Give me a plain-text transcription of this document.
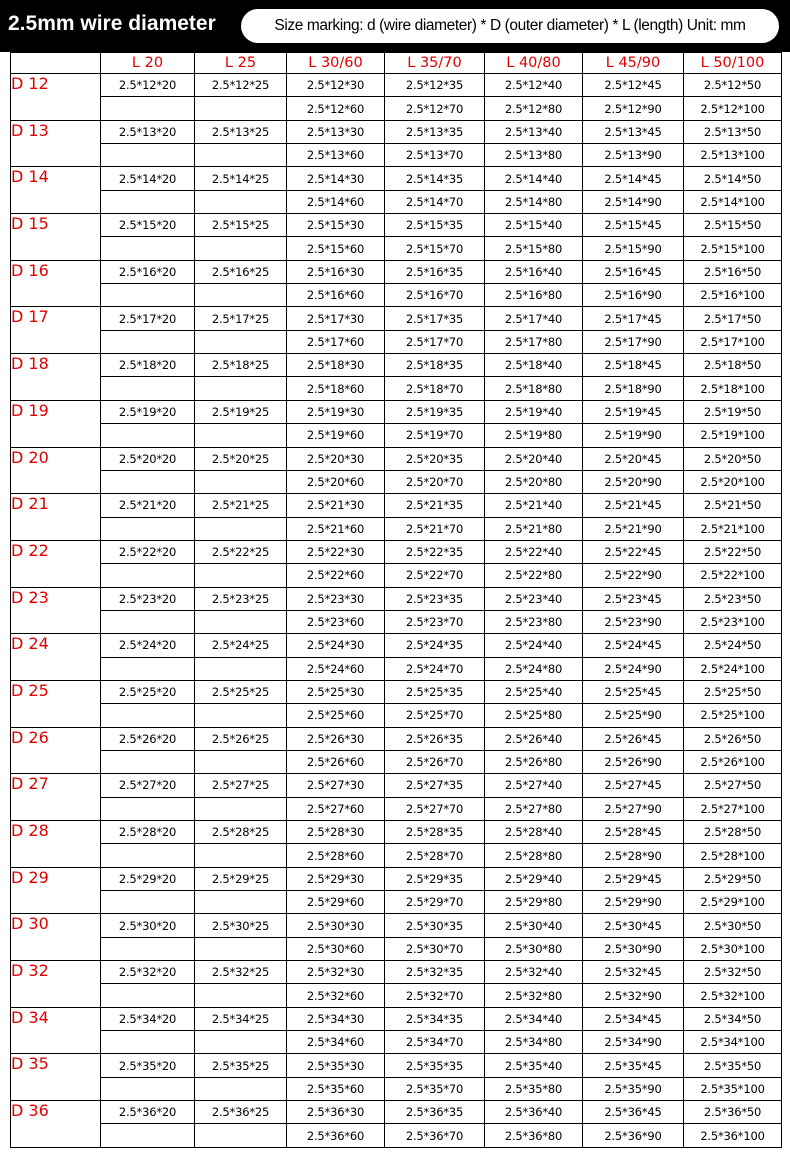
2.5mm wire diameter	Size marking: d (wire diameter) * D (outer diameter) * L (length) Unit: mm
	L 20	L 25	L 30/60	L 35/70	L 40/80	L 45/90	L 50/100
D 12	2.5*12*20	2.5*12*25	2.5*12*30	2.5*12*35	2.5*12*40	2.5*12*45	2.5*12*50
			2.5*12*60	2.5*12*70	2.5*12*80	2.5*12*90	2.5*12*100
D 13	2.5*13*20	2.5*13*25	2.5*13*30	2.5*13*35	2.5*13*40	2.5*13*45	2.5*13*50
			2.5*13*60	2.5*13*70	2.5*13*80	2.5*13*90	2.5*13*100
D 14	2.5*14*20	2.5*14*25	2.5*14*30	2.5*14*35	2.5*14*40	2.5*14*45	2.5*14*50
			2.5*14*60	2.5*14*70	2.5*14*80	2.5*14*90	2.5*14*100
D 15	2.5*15*20	2.5*15*25	2.5*15*30	2.5*15*35	2.5*15*40	2.5*15*45	2.5*15*50
			2.5*15*60	2.5*15*70	2.5*15*80	2.5*15*90	2.5*15*100
D 16	2.5*16*20	2.5*16*25	2.5*16*30	2.5*16*35	2.5*16*40	2.5*16*45	2.5*16*50
			2.5*16*60	2.5*16*70	2.5*16*80	2.5*16*90	2.5*16*100
D 17	2.5*17*20	2.5*17*25	2.5*17*30	2.5*17*35	2.5*17*40	2.5*17*45	2.5*17*50
			2.5*17*60	2.5*17*70	2.5*17*80	2.5*17*90	2.5*17*100
D 18	2.5*18*20	2.5*18*25	2.5*18*30	2.5*18*35	2.5*18*40	2.5*18*45	2.5*18*50
			2.5*18*60	2.5*18*70	2.5*18*80	2.5*18*90	2.5*18*100
D 19	2.5*19*20	2.5*19*25	2.5*19*30	2.5*19*35	2.5*19*40	2.5*19*45	2.5*19*50
			2.5*19*60	2.5*19*70	2.5*19*80	2.5*19*90	2.5*19*100
D 20	2.5*20*20	2.5*20*25	2.5*20*30	2.5*20*35	2.5*20*40	2.5*20*45	2.5*20*50
			2.5*20*60	2.5*20*70	2.5*20*80	2.5*20*90	2.5*20*100
D 21	2.5*21*20	2.5*21*25	2.5*21*30	2.5*21*35	2.5*21*40	2.5*21*45	2.5*21*50
			2.5*21*60	2.5*21*70	2.5*21*80	2.5*21*90	2.5*21*100
D 22	2.5*22*20	2.5*22*25	2.5*22*30	2.5*22*35	2.5*22*40	2.5*22*45	2.5*22*50
			2.5*22*60	2.5*22*70	2.5*22*80	2.5*22*90	2.5*22*100
D 23	2.5*23*20	2.5*23*25	2.5*23*30	2.5*23*35	2.5*23*40	2.5*23*45	2.5*23*50
			2.5*23*60	2.5*23*70	2.5*23*80	2.5*23*90	2.5*23*100
D 24	2.5*24*20	2.5*24*25	2.5*24*30	2.5*24*35	2.5*24*40	2.5*24*45	2.5*24*50
			2.5*24*60	2.5*24*70	2.5*24*80	2.5*24*90	2.5*24*100
D 25	2.5*25*20	2.5*25*25	2.5*25*30	2.5*25*35	2.5*25*40	2.5*25*45	2.5*25*50
			2.5*25*60	2.5*25*70	2.5*25*80	2.5*25*90	2.5*25*100
D 26	2.5*26*20	2.5*26*25	2.5*26*30	2.5*26*35	2.5*26*40	2.5*26*45	2.5*26*50
			2.5*26*60	2.5*26*70	2.5*26*80	2.5*26*90	2.5*26*100
D 27	2.5*27*20	2.5*27*25	2.5*27*30	2.5*27*35	2.5*27*40	2.5*27*45	2.5*27*50
			2.5*27*60	2.5*27*70	2.5*27*80	2.5*27*90	2.5*27*100
D 28	2.5*28*20	2.5*28*25	2.5*28*30	2.5*28*35	2.5*28*40	2.5*28*45	2.5*28*50
			2.5*28*60	2.5*28*70	2.5*28*80	2.5*28*90	2.5*28*100
D 29	2.5*29*20	2.5*29*25	2.5*29*30	2.5*29*35	2.5*29*40	2.5*29*45	2.5*29*50
			2.5*29*60	2.5*29*70	2.5*29*80	2.5*29*90	2.5*29*100
D 30	2.5*30*20	2.5*30*25	2.5*30*30	2.5*30*35	2.5*30*40	2.5*30*45	2.5*30*50
			2.5*30*60	2.5*30*70	2.5*30*80	2.5*30*90	2.5*30*100
D 32	2.5*32*20	2.5*32*25	2.5*32*30	2.5*32*35	2.5*32*40	2.5*32*45	2.5*32*50
			2.5*32*60	2.5*32*70	2.5*32*80	2.5*32*90	2.5*32*100
D 34	2.5*34*20	2.5*34*25	2.5*34*30	2.5*34*35	2.5*34*40	2.5*34*45	2.5*34*50
			2.5*34*60	2.5*34*70	2.5*34*80	2.5*34*90	2.5*34*100
D 35	2.5*35*20	2.5*35*25	2.5*35*30	2.5*35*35	2.5*35*40	2.5*35*45	2.5*35*50
			2.5*35*60	2.5*35*70	2.5*35*80	2.5*35*90	2.5*35*100
D 36	2.5*36*20	2.5*36*25	2.5*36*30	2.5*36*35	2.5*36*40	2.5*36*45	2.5*36*50
			2.5*36*60	2.5*36*70	2.5*36*80	2.5*36*90	2.5*36*100
